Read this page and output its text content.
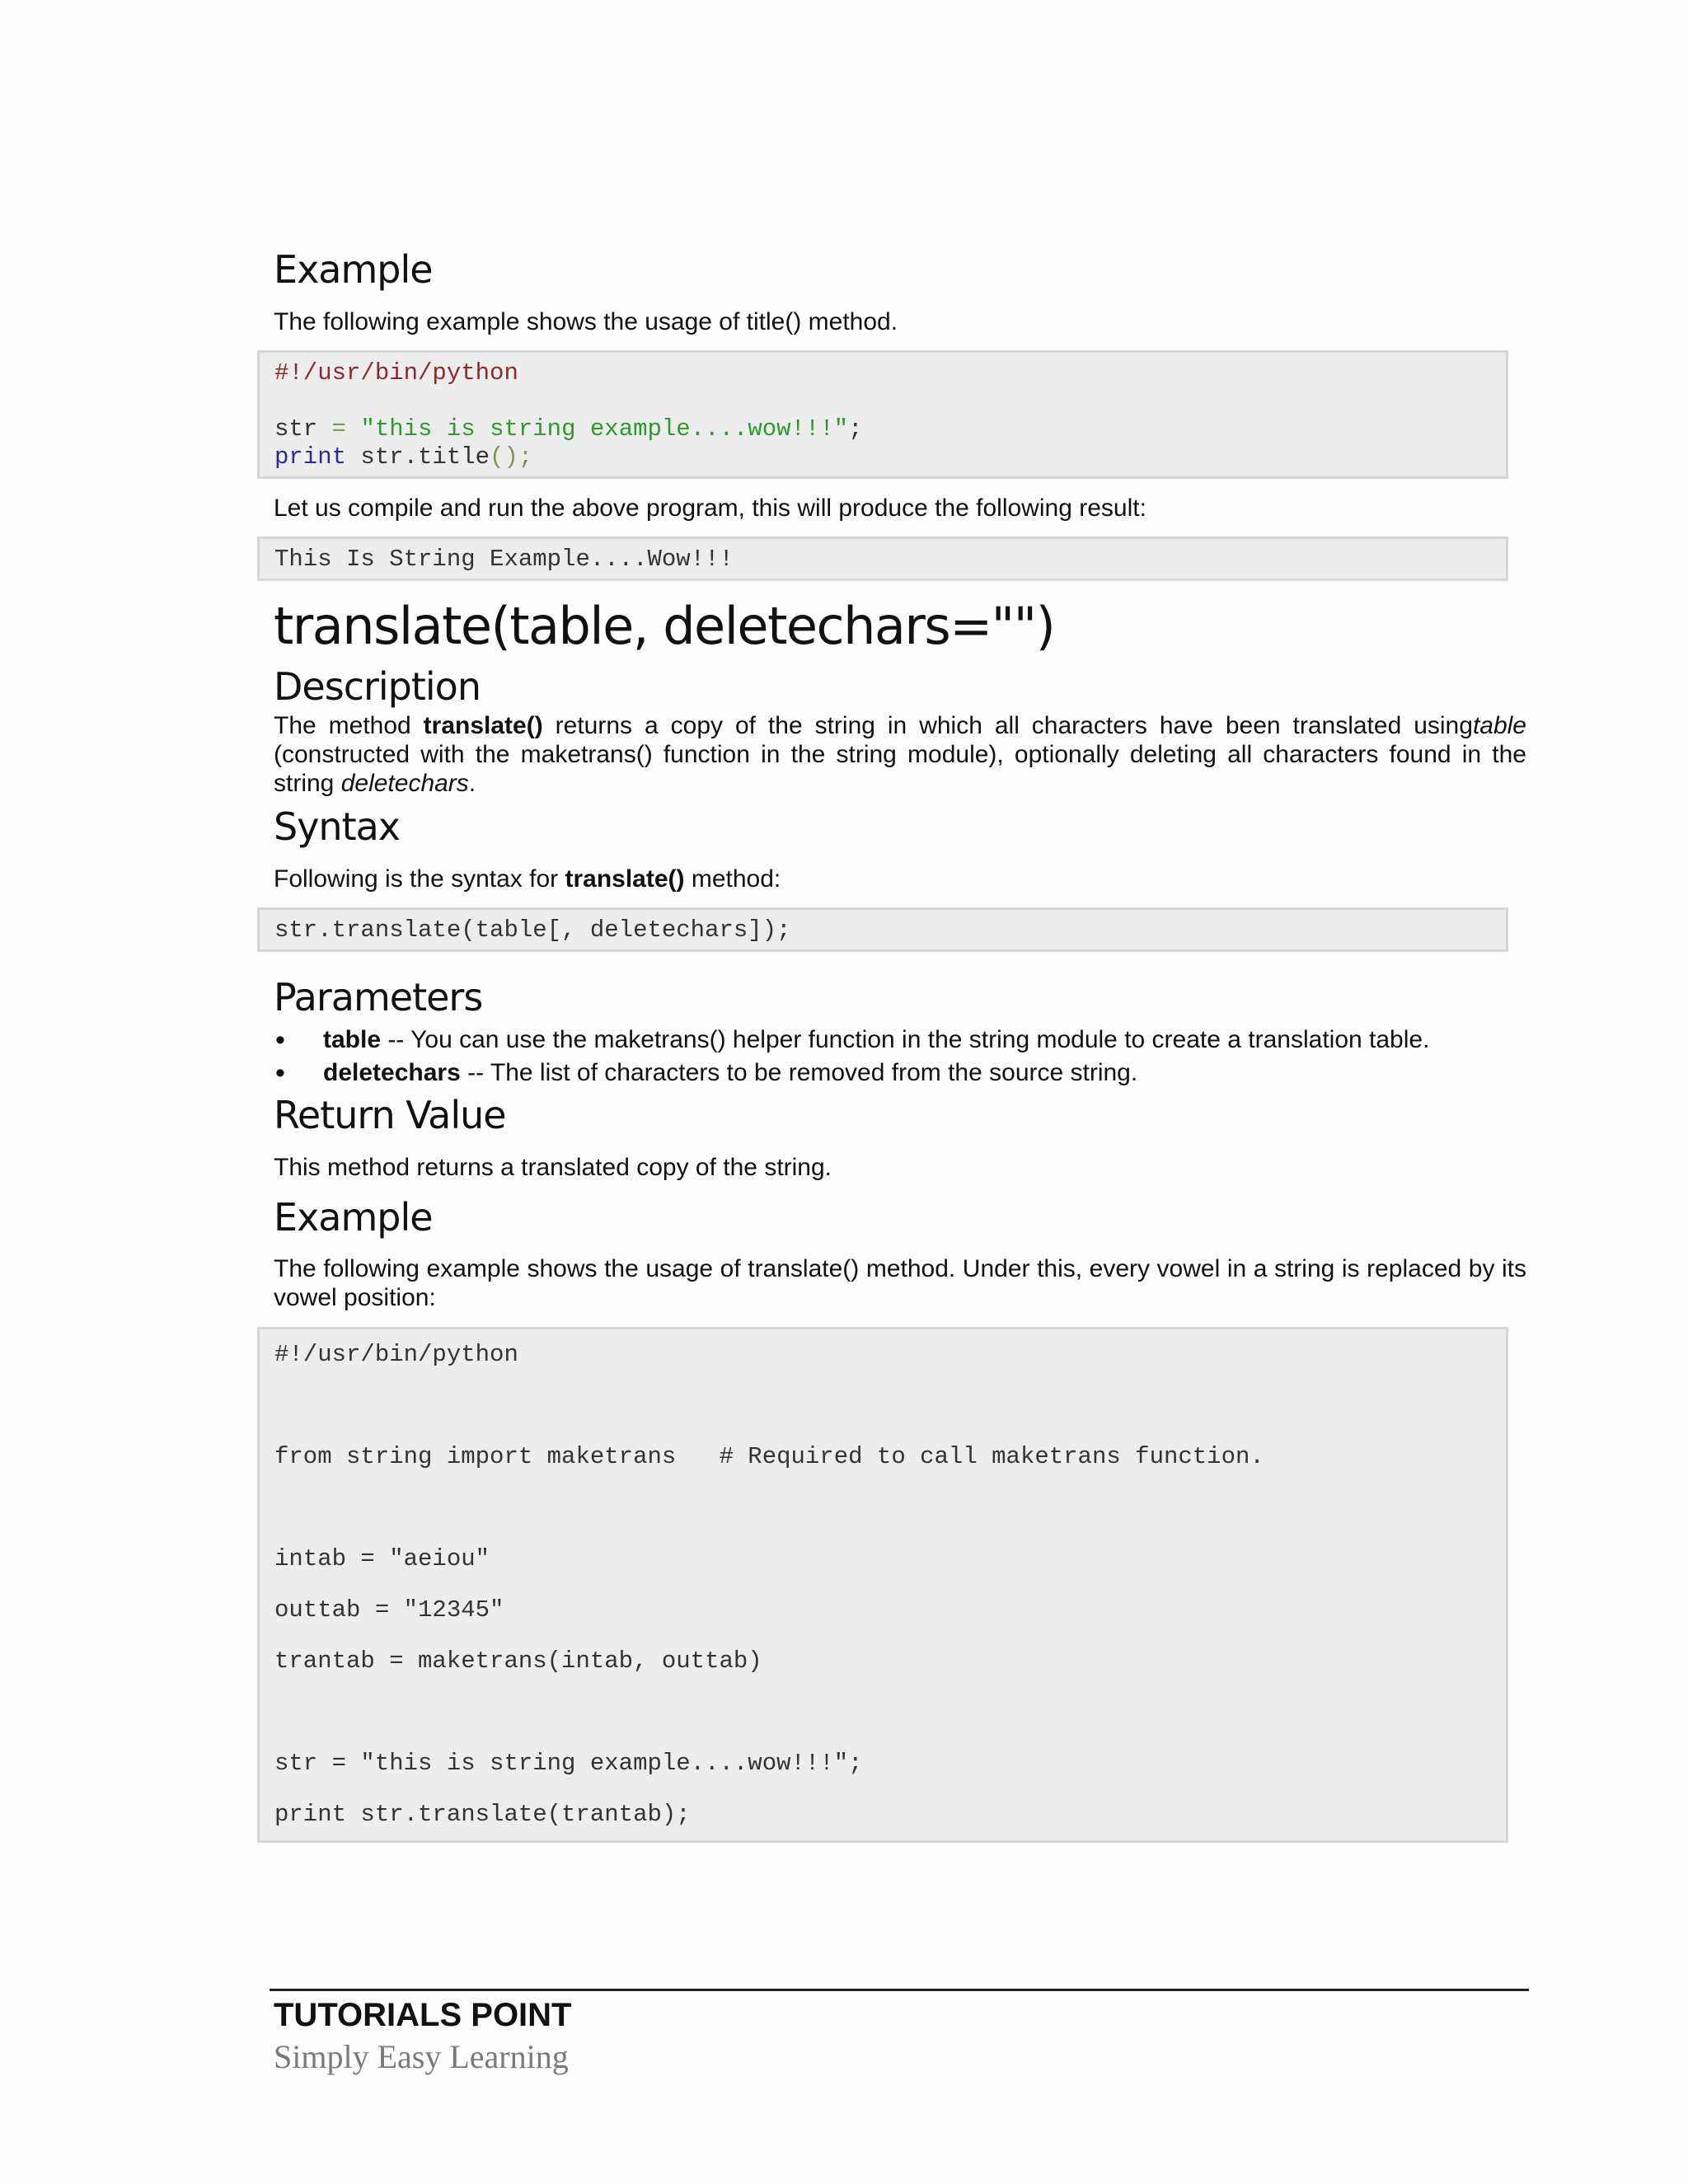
Example

The following example shows the usage of title() method.

#!/usr/bin/python
str = "this is string example....wow!!!";
print str.title();

Let us compile and run the above program, this will produce the following result:

This Is String Example....Wow!!!
translate(table, deletechars="")
Description

The method translate() returns a copy of the string in which all characters have been translated usingtable (constructed with the maketrans() function in the string module), optionally deleting all characters found in the string deletechars.

Syntax

Following is the syntax for translate() method:

str.translate(table[, deletechars]);
Parameters
• table -- You can use the maketrans() helper function in the string module to create a translation table.
• deletechars -- The list of characters to be removed from the source string.
Return Value

This method returns a translated copy of the string.

Example

The following example shows the usage of translate() method. Under this, every vowel in a string is replaced by its vowel position:

#!/usr/bin/python
from string import maketrans   # Required to call maketrans function.
intab = "aeiou"
outtab = "12345"
trantab = maketrans(intab, outtab)
str = "this is string example....wow!!!";
print str.translate(trantab);
TUTORIALS POINT
Simply Easy Learning
